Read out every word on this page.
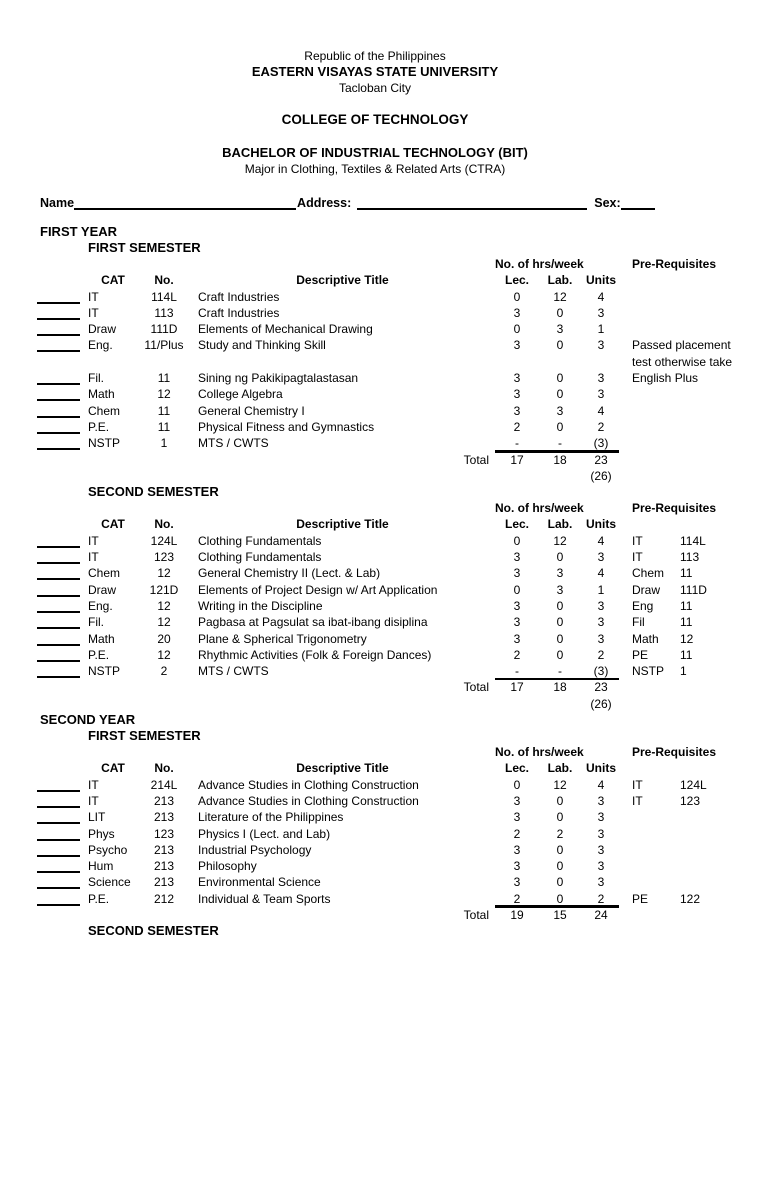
Republic of the Philippines
EASTERN VISAYAS STATE UNIVERSITY
Tacloban City
COLLEGE OF TECHNOLOGY
BACHELOR OF INDUSTRIAL TECHNOLOGY (BIT)
Major in Clothing, Textiles & Related Arts (CTRA)
Name	Address:	Sex:
FIRST YEAR
FIRST SEMESTER
No. of hrs/week	Pre-Requisites
CAT	No.	Descriptive Title	Lec.	Lab.	Units
IT	114L	Craft Industries	0	12	4
IT	113	Craft Industries	3	0	3
Draw	111D	Elements of Mechanical Drawing	0	3	1
Eng.	11/Plus	Study and Thinking Skill	3	0	3	Passed placement test otherwise take English Plus
Fil.	11	Sining ng Pakikipagtalastasan	3	0	3
Math	12	College Algebra	3	0	3
Chem	11	General Chemistry I	3	3	4
P.E.	11	Physical Fitness and Gymnastics	2	0	2
NSTP	1	MTS / CWTS	-	-	(3)
Total	17	18	23
(26)
SECOND SEMESTER
No. of hrs/week	Pre-Requisites
CAT	No.	Descriptive Title	Lec.	Lab.	Units
IT	124L	Clothing Fundamentals	0	12	4	IT	114L
IT	123	Clothing Fundamentals	3	0	3	IT	113
Chem	12	General Chemistry II (Lect. & Lab)	3	3	4	Chem	11
Draw	121D	Elements of Project Design w/ Art Application	0	3	1	Draw	111D
Eng.	12	Writing in the Discipline	3	0	3	Eng	11
Fil.	12	Pagbasa at Pagsulat sa ibat-ibang disiplina	3	0	3	Fil	11
Math	20	Plane & Spherical Trigonometry	3	0	3	Math	12
P.E.	12	Rhythmic Activities (Folk & Foreign Dances)	2	0	2	PE	11
NSTP	2	MTS / CWTS	-	-	(3)	NSTP	1
Total	17	18	23
(26)
SECOND YEAR
FIRST SEMESTER
No. of hrs/week	Pre-Requisites
CAT	No.	Descriptive Title	Lec.	Lab.	Units
IT	214L	Advance Studies in Clothing Construction	0	12	4	IT	124L
IT	213	Advance Studies in Clothing Construction	3	0	3	IT	123
LIT	213	Literature of the Philippines	3	0	3
Phys	123	Physics I (Lect. and Lab)	2	2	3
Psycho	213	Industrial Psychology	3	0	3
Hum	213	Philosophy	3	0	3
Science	213	Environmental Science	3	0	3
P.E.	212	Individual & Team Sports	2	0	2	PE	122
Total	19	15	24
SECOND SEMESTER
